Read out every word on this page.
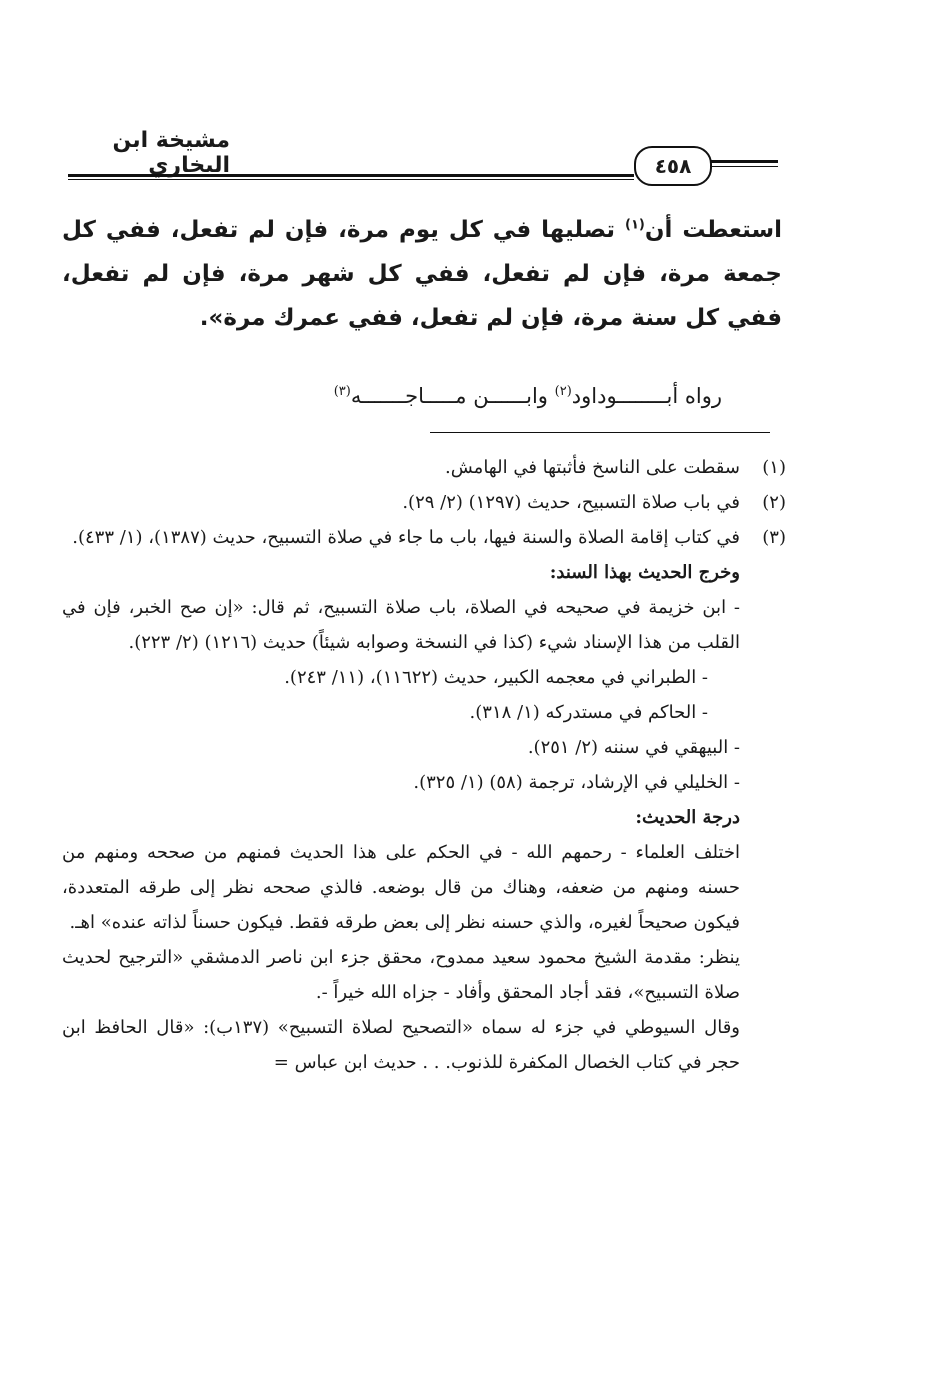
مشيخة ابن البخاري	٤٥٨
استعطت أن$^{(١)}$ تصليها في كل يوم مرة، فإن لم تفعل، ففي كل جمعة مرة، فإن لم تفعل، ففي كل شهر مرة، فإن لم تفعل، ففي كل سنة مرة، فإن لم تفعل، ففي عمرك مرة».
رواه أبــــــــوداود$^{(٢)}$ وابــــــن مـــــاجـــــــه$^{(٣)}$
(١)
سقطت على الناسخ فأثبتها في الهامش.
(٢)
في باب صلاة التسبيح، حديث (١٢٩٧) (٢/ ٢٩).
(٣)
في كتاب إقامة الصلاة والسنة فيها، باب ما جاء في صلاة التسبيح، حديث (١٣٨٧)، (١/ ٤٣٣).
وخرج الحديث بهذا السند:
- ابن خزيمة في صحيحه في الصلاة، باب صلاة التسبيح، ثم قال: «إن صح الخبر، فإن في القلب من هذا الإسناد شيء (كذا في النسخة وصوابه شيئاً) حديث (١٢١٦) (٢/ ٢٢٣).
- الطبراني في معجمه الكبير، حديث (١١٦٢٢)، (١١/ ٢٤٣).
- الحاكم في مستدركه (١/ ٣١٨).
- البيهقي في سننه (٢/ ٢٥١).
- الخليلي في الإرشاد، ترجمة (٥٨) (١/ ٣٢٥).
درجة الحديث:
اختلف العلماء - رحمهم الله - في الحكم على هذا الحديث فمنهم من صححه ومنهم من حسنه ومنهم من ضعفه، وهناك من قال بوضعه. فالذي صححه نظر إلى طرقه المتعددة، فيكون صحيحاً لغيره، والذي حسنه نظر إلى بعض طرقه فقط. فيكون حسناً لذاته عنده» اهـ.
ينظر: مقدمة الشيخ محمود سعيد ممدوح، محقق جزء ابن ناصر الدمشقي «الترجيح لحديث صلاة التسبيح»، فقد أجاد المحقق وأفاد - جزاه الله خيراً -.
وقال السيوطي في جزء له سماه «التصحيح لصلاة التسبيح» (١٣٧ب): «قال الحافظ ابن حجر في كتاب الخصال المكفرة للذنوب. . . حديث ابن عباس =
